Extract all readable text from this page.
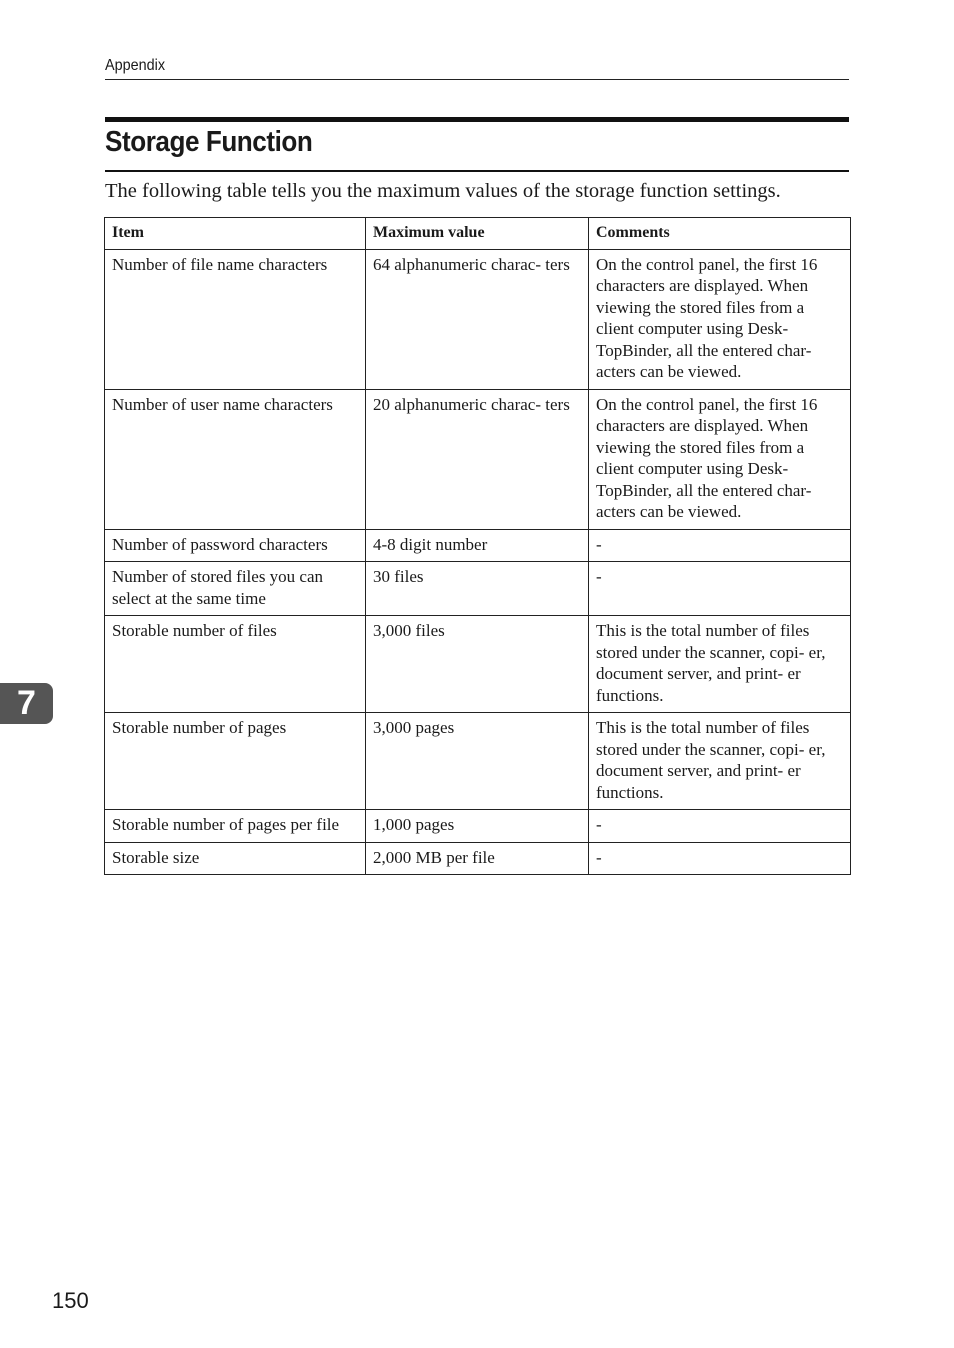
Appendix
Storage Function

The following table tells you the maximum values of the storage function settings.

Item	Maximum value	Comments
Number of file name characters	64 alphanumeric charac- ters	On the control panel, the first 16 characters are displayed. When viewing the stored files from a client computer using Desk- TopBinder, all the entered char- acters can be viewed.
Number of user name characters	20 alphanumeric charac- ters	On the control panel, the first 16 characters are displayed. When viewing the stored files from a client computer using Desk- TopBinder, all the entered char- acters can be viewed.
Number of password characters	4-8 digit number	-
Number of stored files you can select at the same time	30 files	-
Storable number of files	3,000 files	This is the total number of files stored under the scanner, copi- er, document server, and print- er functions.
Storable number of pages	3,000 pages	This is the total number of files stored under the scanner, copi- er, document server, and print- er functions.
Storable number of pages per file	1,000 pages	-
Storable size	2,000 MB per file	-
7
150
